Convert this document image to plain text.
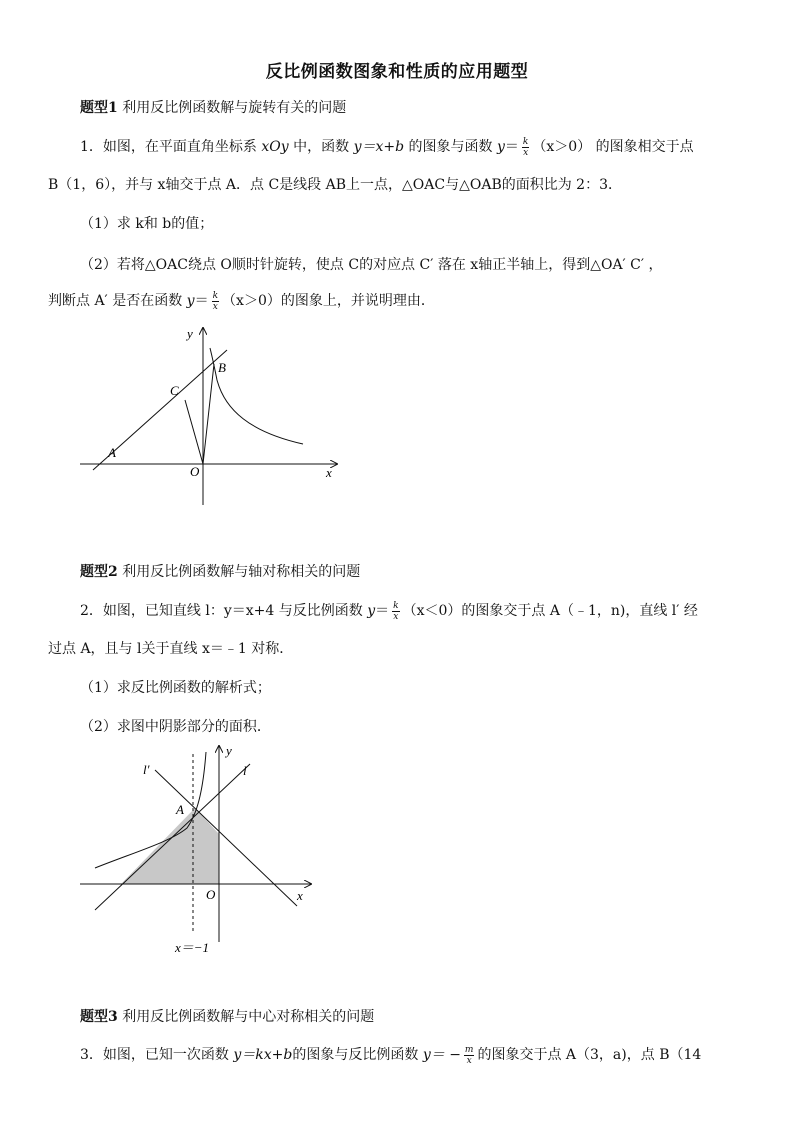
反比例函数图象和性质的应用题型
题型1 利用反比例函数解与旋转有关的问题
1．如图，在平面直角坐标系 xOy 中，函数 y＝x+b 的图象与函数 $y= \frac{k}{x} (x>0)$ 的图象相交于点
B（1，6），并与 x轴交于点 A．点 C是线段 AB上一点，△OAC与△OAB的面积比为 2：3．
（1）求 k和 b的值；
（2）若将△OAC绕点 O顺时针旋转，使点 C的对应点 C′ 落在 x轴正半轴上，得到△OA′ C′ ，
判断点 A′ 是否在函数 $y= \frac{k}{x} (x>0)$的图象上，并说明理由．
A
B
C
O	x
y
题型2 利用反比例函数解与轴对称相关的问题
2．如图，已知直线 l：y＝x+4 与反比例函数 $y= \frac{k}{x} (x<0)$的图象交于点 A（﹣1，n)，直线 l′ 经
过点 A，且与 l关于直线 x＝﹣1 对称．
（1）求反比例函数的解析式；
（2）求图中阴影部分的面积．
l′	l
A
O	x
y
x＝−1
题型3 利用反比例函数解与中心对称相关的问题
3．如图，已知一次函数 y＝kx+b的图象与反比例函数 $y= - \frac{m}{x}$ 的图象交于点 A（3，a)，点 B（14
